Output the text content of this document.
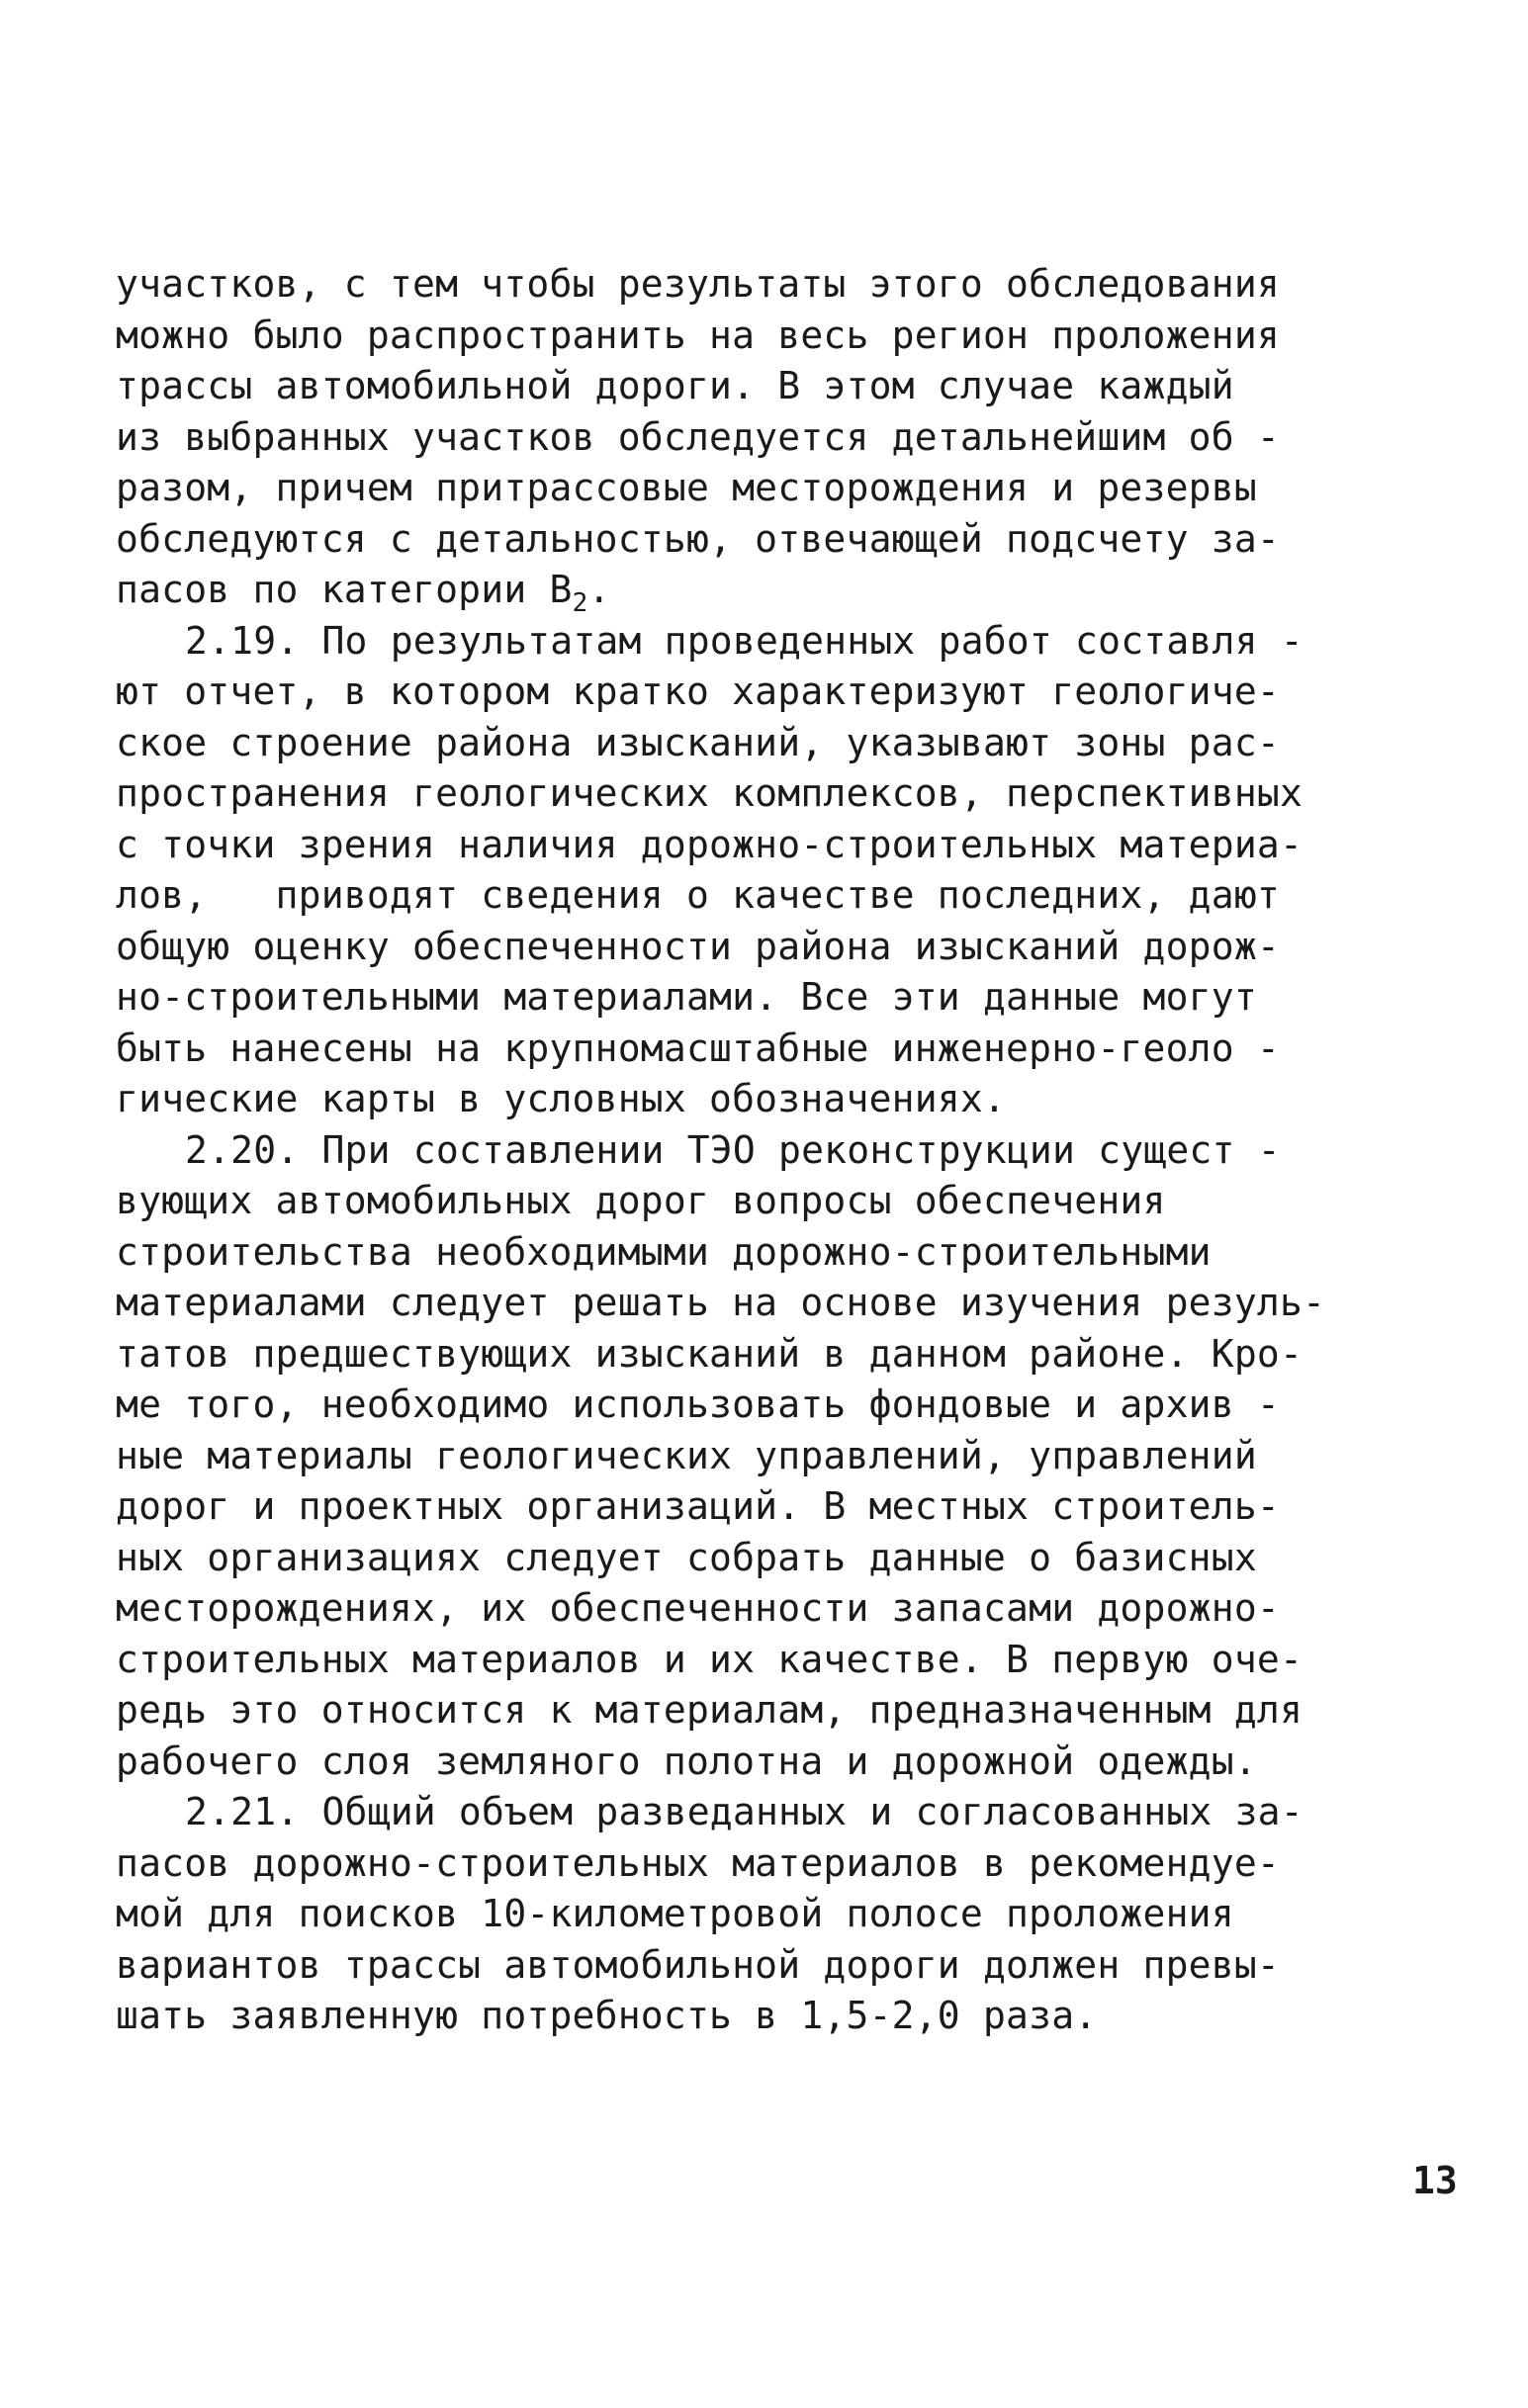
участков, с тем чтобы результаты этого обследования
можно было распространить на весь регион проложения
трассы автомобильной дороги. В этом случае каждый
из выбранных участков обследуется детальнейшим об -
разом, причем притрассовые месторождения и резервы
обследуются с детальностью, отвечающей подсчету за-
пасов по категории $В_2$.
2.19. По результатам проведенных работ составля -
ют отчет, в котором кратко характеризуют геологиче-
ское строение района изысканий, указывают зоны рас-
пространения геологических комплексов, перспективных
с точки зрения наличия дорожно-строительных материа-
лов,   приводят сведения о качестве последних, дают
общую оценку обеспеченности района изысканий дорож-
но-строительными материалами. Все эти данные могут
быть нанесены на крупномасштабные инженерно-геоло -
гические карты в условных обозначениях.
2.20. При составлении ТЭО реконструкции сущест -
вующих автомобильных дорог вопросы обеспечения
строительства необходимыми дорожно-строительными
материалами следует решать на основе изучения резуль-
татов предшествующих изысканий в данном районе. Кро-
ме того, необходимо использовать фондовые и архив -
ные материалы геологических управлений, управлений
дорог и проектных организаций. В местных строитель-
ных организациях следует собрать данные о базисных
месторождениях, их обеспеченности запасами дорожно-
строительных материалов и их качестве. В первую оче-
редь это относится к материалам, предназначенным для
рабочего слоя земляного полотна и дорожной одежды.
2.21. Общий объем разведанных и согласованных за-
пасов дорожно-строительных материалов в рекомендуе-
мой для поисков 10-километровой полосе проложения
вариантов трассы автомобильной дороги должен превы-
шать заявленную потребность в 1,5-2,0 раза.
13
